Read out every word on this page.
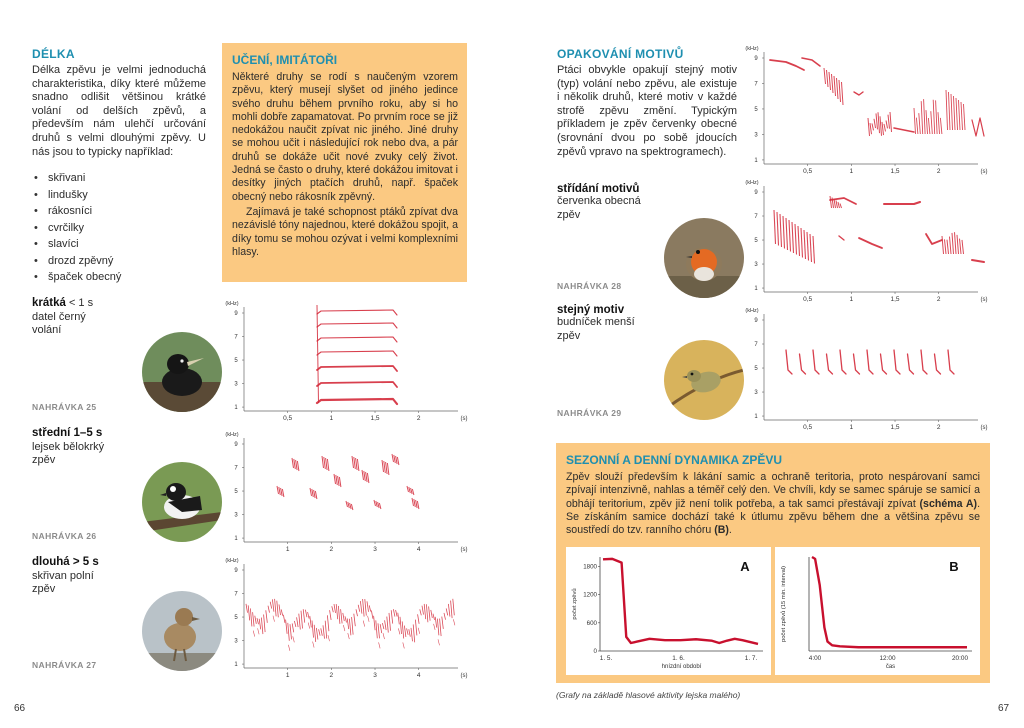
DÉLKA
Délka zpěvu je velmi jednoduchá charakteristika, díky které můžeme snadno odlišit většinou krátké volání od delších zpěvů, a především nám ulehčí určování druhů s velmi dlouhými zpěvy. U nás jsou to typicky například:
• skřivani
• lindušky
• rákosníci
• cvrčilky
• slavíci
• drozd zpěvný
• špaček obecný
UČENÍ, IMITÁTOŘI
Některé druhy se rodí s naučeným vzorem zpěvu, který musejí slyšet od jiného jedince svého druhu během prvního roku, aby si ho mohli dobře zapamatovat. Po prvním roce se již nedokážou naučit zpívat nic jiného. Jiné druhy se mohou učit i následující rok nebo dva, a pár druhů se dokáže učit nové zvuky celý život. Jedná se často o druhy, které dokážou imitovat i desítky jiných ptačích druhů, např. špaček obecný nebo rákosník zpěvný.
Zajímavá je také schopnost ptáků zpívat dva nezávislé tóny najednou, které dokážou spojit, a díky tomu se mohou ozývat i velmi komplexními hlasy.
krátká < 1 s
datel černý
volání
NAHRÁVKA 25
střední 1–5 s
lejsek bělokrký
zpěv
NAHRÁVKA 26
dlouhá > 5 s
skřivan polní
zpěv
NAHRÁVKA 27
66
(kHz)
9
7
5
3
1
0,5	1	1,5	2	(s)
(kHz)
9
7
5
3
1
1	2	3	4	(s)
(kHz)
9
7
5
3
1
1	2	3	4	(s)
OPAKOVÁNÍ MOTIVŮ
Ptáci obvykle opakují stejný motiv (typ) volání nebo zpěvu, ale existuje i několik druhů, které motiv v každé strofě zpěvu změní. Typickým příkladem je zpěv červenky obecné (srovnání dvou po sobě jdoucích zpěvů vpravo na spektrogramech).
střídání motivů
červenka obecná
zpěv
NAHRÁVKA 28
stejný motiv
budníček menší
zpěv
NAHRÁVKA 29
(kHz)
9
7
5
3
1
0,5	1	1,5	2	(s)
(kHz)
9
7
5
3
1
0,5	1	1,5	2	(s)
(kHz)
9
7
5
3
1
0,5	1	1,5	2	(s)
SEZONNÍ A DENNÍ DYNAMIKA ZPĚVU
Zpěv slouží především k lákání samic a ochraně teritoria, proto nespárovaní samci zpívají intenzivně, nahlas a téměř celý den. Ve chvíli, kdy se samec spáruje se samicí a obhájí teritorium, zpěv již není tolik potřeba, a tak samci přestávají zpívat (schéma A). Se získáním samice dochází také k útlumu zpěvu během dne a většina zpěvu se soustředí do tzv. ranního chóru (B).
A
1800
1200
600
0
1. 5.	1. 6.	1. 7.
hnízdní období
počet zpěvů
B
4:00	12:00	20:00
čas
počet zpěvů (15 min. interval)
(Grafy na základě hlasové aktivity lejska malého)
67
